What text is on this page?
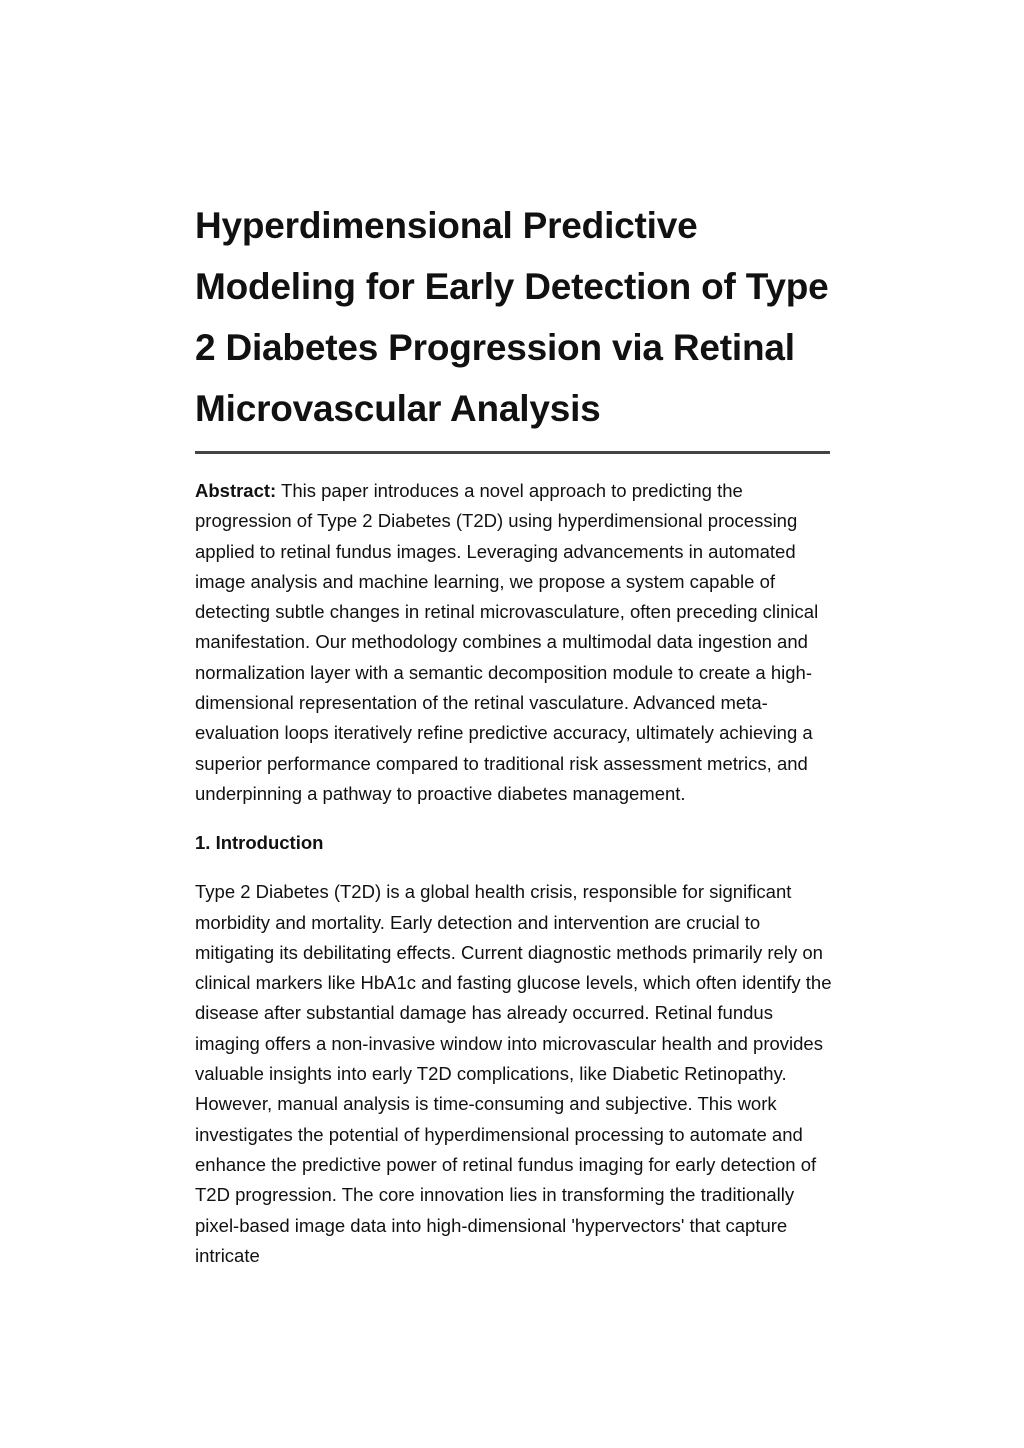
Hyperdimensional Predictive Modeling for Early Detection of Type 2 Diabetes Progression via Retinal Microvascular Analysis

Abstract: This paper introduces a novel approach to predicting the progression of Type 2 Diabetes (T2D) using hyperdimensional processing applied to retinal fundus images. Leveraging advancements in automated image analysis and machine learning, we propose a system capable of detecting subtle changes in retinal microvasculature, often preceding clinical manifestation. Our methodology combines a multimodal data ingestion and normalization layer with a semantic decomposition module to create a high-dimensional representation of the retinal vasculature. Advanced meta-evaluation loops iteratively refine predictive accuracy, ultimately achieving a superior performance compared to traditional risk assessment metrics, and underpinning a pathway to proactive diabetes management.

1. Introduction

Type 2 Diabetes (T2D) is a global health crisis, responsible for significant morbidity and mortality. Early detection and intervention are crucial to mitigating its debilitating effects. Current diagnostic methods primarily rely on clinical markers like HbA1c and fasting glucose levels, which often identify the disease after substantial damage has already occurred. Retinal fundus imaging offers a non-invasive window into microvascular health and provides valuable insights into early T2D complications, like Diabetic Retinopathy. However, manual analysis is time-consuming and subjective. This work investigates the potential of hyperdimensional processing to automate and enhance the predictive power of retinal fundus imaging for early detection of T2D progression. The core innovation lies in transforming the traditionally pixel-based image data into high-dimensional 'hypervectors' that capture intricate
